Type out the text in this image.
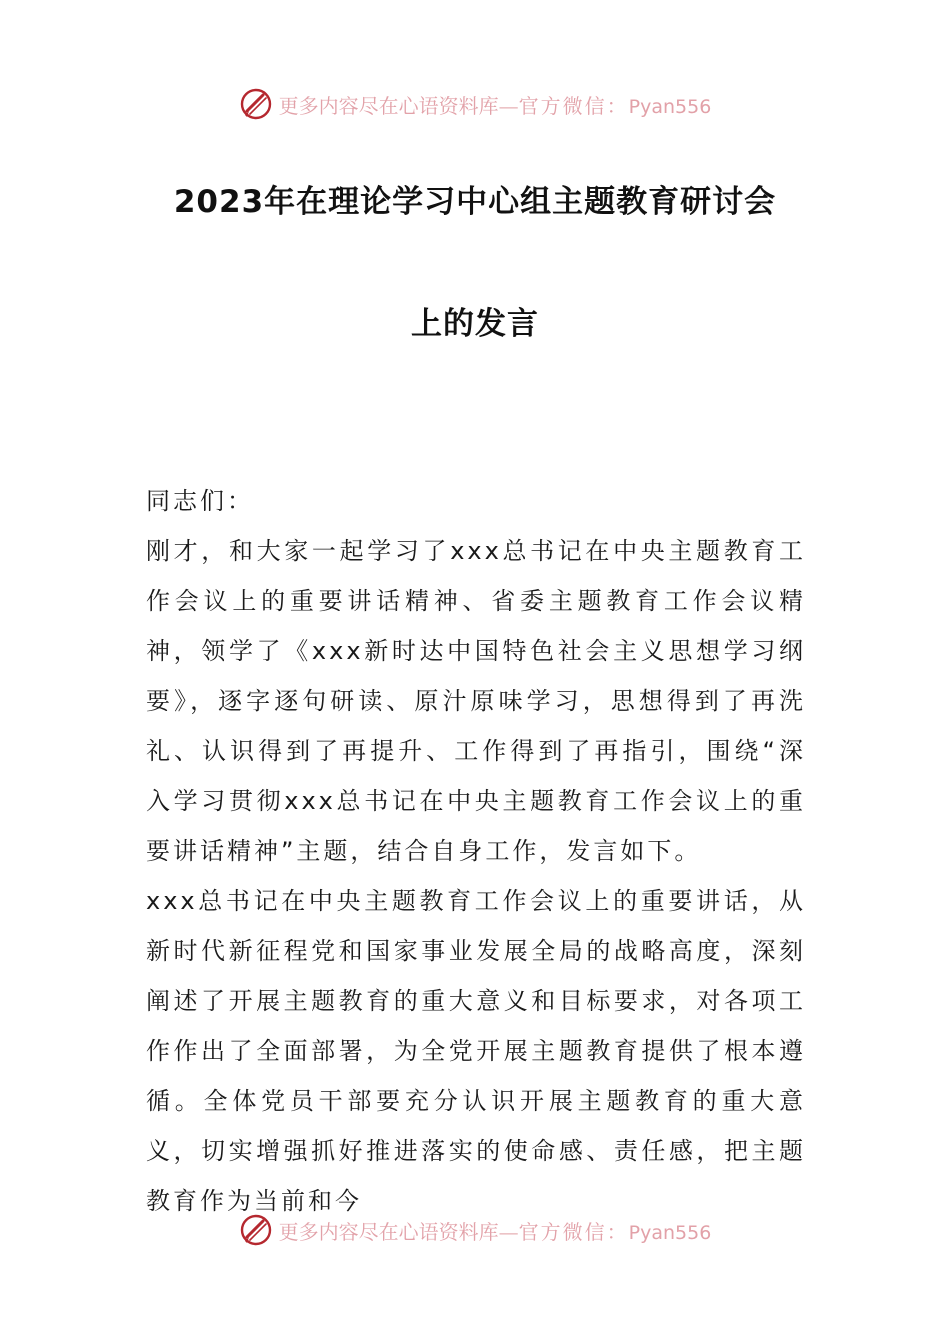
更多内容尽在心语资料库—官方微信：Pyan556
2023年在理论学习中心组主题教育研讨会
上的发言

同志们：

刚才，和大家一起学习了xxx总书记在中央主题教育工作会议上的重要讲话精神、省委主题教育工作会议精神，领学了《xxx新时达中国特色社会主义思想学习纲要》，逐字逐句研读、原汁原味学习，思想得到了再洗礼、认识得到了再提升、工作得到了再指引，围绕“深入学习贯彻xxx总书记在中央主题教育工作会议上的重要讲话精神”主题，结合自身工作，发言如下。

xxx总书记在中央主题教育工作会议上的重要讲话，从新时代新征程党和国家事业发展全局的战略高度，深刻阐述了开展主题教育的重大意义和目标要求，对各项工作作出了全面部署，为全党开展主题教育提供了根本遵循。全体党员干部要充分认识开展主题教育的重大意义，切实增强抓好推进落实的使命感、责任感，把主题教育作为当前和今

更多内容尽在心语资料库—官方微信：Pyan556
